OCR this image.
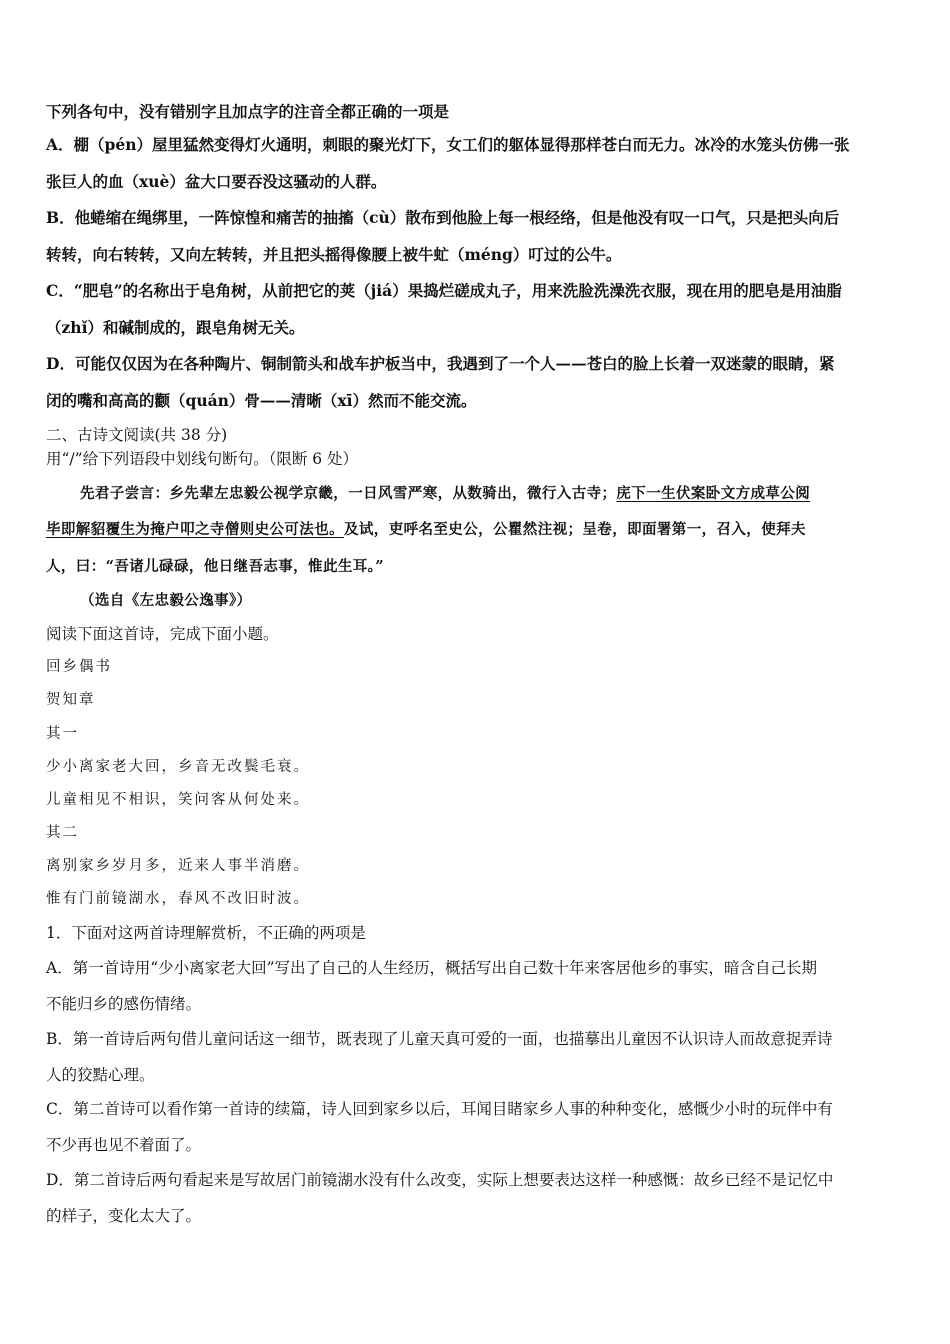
下列各句中，没有错别字且加点字的注音全都正确的一项是
A．棚（pén）屋里猛然变得灯火通明，刺眼的聚光灯下，女工们的躯体显得那样苍白而无力。冰冷的水笼头仿佛一张
张巨人的血（xuè）盆大口要吞没这骚动的人群。
B．他蜷缩在绳绑里，一阵惊惶和痛苦的抽搐（cù）散布到他脸上每一根经络，但是他没有叹一口气，只是把头向后
转转，向右转转，又向左转转，并且把头摇得像腰上被牛虻（méng）叮过的公牛。
C．“肥皂”的名称出于皂角树，从前把它的荚（jiá）果捣烂磋成丸子，用来洗脸洗澡洗衣服，现在用的肥皂是用油脂
（zhǐ）和碱制成的，跟皂角树无关。
D．可能仅仅因为在各种陶片、铜制箭头和战车护板当中，我遇到了一个人——苍白的脸上长着一双迷蒙的眼睛，紧
闭的嘴和高高的颧（quán）骨——清晰（xī）然而不能交流。
二、古诗文阅读(共 38 分)
用“/”给下列语段中划线句断句。（限断 6 处）
先君子尝言：乡先辈左忠毅公视学京畿，一日风雪严寒，从数骑出，微行入古寺；庑下一生伏案卧文方成草公阅
毕即解貂覆生为掩户叩之寺僧则史公可法也。及试，吏呼名至史公，公瞿然注视；呈卷，即面署第一，召入，使拜夫
人，曰：“吾诸儿碌碌，他日继吾志事，惟此生耳。”
（选自《左忠毅公逸事》）
阅读下面这首诗，完成下面小题。
回乡偶书
贺知章
其一
少小离家老大回，乡音无改鬓毛衰。
儿童相见不相识，笑问客从何处来。
其二
离别家乡岁月多，近来人事半消磨。
惟有门前镜湖水，春风不改旧时波。
1．下面对这两首诗理解赏析，不正确的两项是
A．第一首诗用“少小离家老大回”写出了自己的人生经历，概括写出自己数十年来客居他乡的事实，暗含自己长期
不能归乡的感伤情绪。
B．第一首诗后两句借儿童问话这一细节，既表现了儿童天真可爱的一面，也描摹出儿童因不认识诗人而故意捉弄诗
人的狡黠心理。
C．第二首诗可以看作第一首诗的续篇，诗人回到家乡以后，耳闻目睹家乡人事的种种变化，感慨少小时的玩伴中有
不少再也见不着面了。
D．第二首诗后两句看起来是写故居门前镜湖水没有什么改变，实际上想要表达这样一种感慨：故乡已经不是记忆中
的样子，变化太大了。
